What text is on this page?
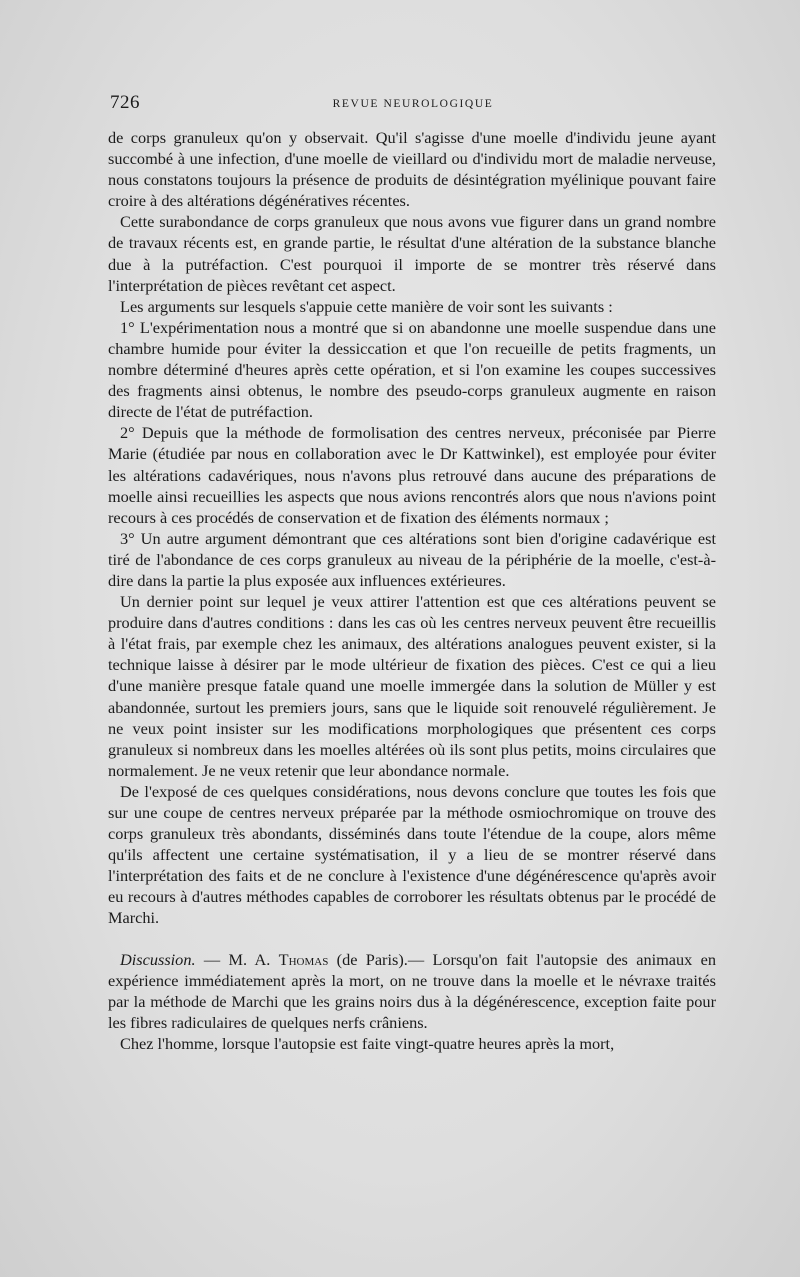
726	REVUE NEUROLOGIQUE

de corps granuleux qu'on y observait. Qu'il s'agisse d'une moelle d'individu jeune ayant succombé à une infection, d'une moelle de vieillard ou d'individu mort de maladie nerveuse, nous constatons toujours la présence de produits de désintégration myélinique pouvant faire croire à des altérations dégénératives récentes.

Cette surabondance de corps granuleux que nous avons vue figurer dans un grand nombre de travaux récents est, en grande partie, le résultat d'une altération de la substance blanche due à la putréfaction. C'est pourquoi il importe de se montrer très réservé dans l'interprétation de pièces revêtant cet aspect.

Les arguments sur lesquels s'appuie cette manière de voir sont les suivants :

1° L'expérimentation nous a montré que si on abandonne une moelle suspendue dans une chambre humide pour éviter la dessiccation et que l'on recueille de petits fragments, un nombre déterminé d'heures après cette opération, et si l'on examine les coupes successives des fragments ainsi obtenus, le nombre des pseudo-corps granuleux augmente en raison directe de l'état de putréfaction.

2° Depuis que la méthode de formolisation des centres nerveux, préconisée par Pierre Marie (étudiée par nous en collaboration avec le Dr Kattwinkel), est employée pour éviter les altérations cadavériques, nous n'avons plus retrouvé dans aucune des préparations de moelle ainsi recueillies les aspects que nous avions rencontrés alors que nous n'avions point recours à ces procédés de conservation et de fixation des éléments normaux ;

3° Un autre argument démontrant que ces altérations sont bien d'origine cadavérique est tiré de l'abondance de ces corps granuleux au niveau de la périphérie de la moelle, c'est-à-dire dans la partie la plus exposée aux influences extérieures.

Un dernier point sur lequel je veux attirer l'attention est que ces altérations peuvent se produire dans d'autres conditions : dans les cas où les centres nerveux peuvent être recueillis à l'état frais, par exemple chez les animaux, des altérations analogues peuvent exister, si la technique laisse à désirer par le mode ultérieur de fixation des pièces. C'est ce qui a lieu d'une manière presque fatale quand une moelle immergée dans la solution de Müller y est abandonnée, surtout les premiers jours, sans que le liquide soit renouvelé régulièrement. Je ne veux point insister sur les modifications morphologiques que présentent ces corps granuleux si nombreux dans les moelles altérées où ils sont plus petits, moins circulaires que normalement. Je ne veux retenir que leur abondance normale.

De l'exposé de ces quelques considérations, nous devons conclure que toutes les fois que sur une coupe de centres nerveux préparée par la méthode osmiochromique on trouve des corps granuleux très abondants, disséminés dans toute l'étendue de la coupe, alors même qu'ils affectent une certaine systématisation, il y a lieu de se montrer réservé dans l'interprétation des faits et de ne conclure à l'existence d'une dégénérescence qu'après avoir eu recours à d'autres méthodes capables de corroborer les résultats obtenus par le procédé de Marchi.

Discussion. — M. A. Thomas (de Paris).— Lorsqu'on fait l'autopsie des animaux en expérience immédiatement après la mort, on ne trouve dans la moelle et le névraxe traités par la méthode de Marchi que les grains noirs dus à la dégénérescence, exception faite pour les fibres radiculaires de quelques nerfs crâniens.

Chez l'homme, lorsque l'autopsie est faite vingt-quatre heures après la mort,
